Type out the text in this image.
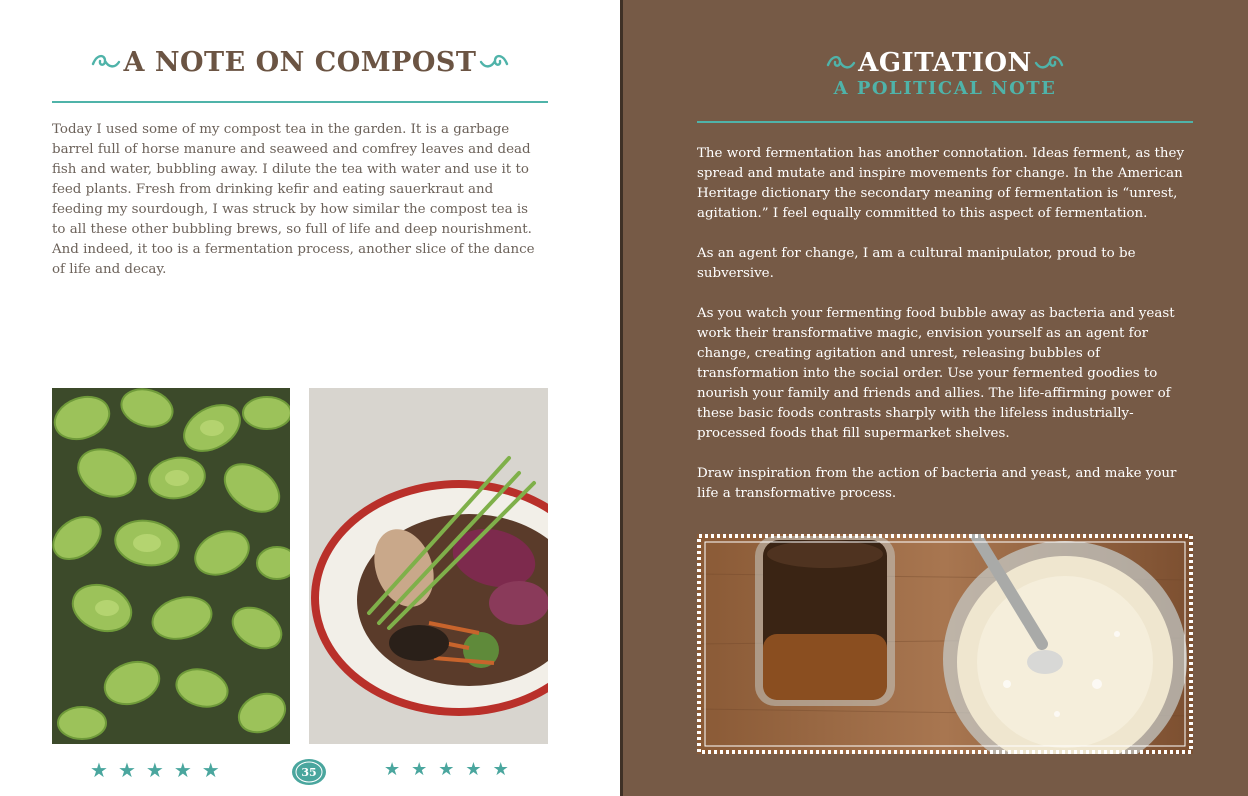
A NOTE ON COMPOST
Today I used some of my compost tea in the garden. It is a garbage barrel full of horse manure and seaweed and comfrey leaves and dead fish and water, bubbling away. I dilute the tea with water and use it to feed plants. Fresh from drinking kefir and eating sauerkraut and feeding my sourdough, I was struck by how similar the compost tea is to all these other bubbling brews, so full of life and deep nourishment. And indeed, it too is a fermentation process, another slice of the dance of life and decay.
★ ★ ★ ★ ★	35	★ ★ ★ ★ ★
AGITATION
A POLITICAL NOTE

The word fermentation has another connotation. Ideas ferment, as they spread and mutate and inspire movements for change. In the American Heritage dictionary the secondary meaning of fermentation is “unrest, agitation.” I feel equally committed to this aspect of fermentation.

As an agent for change, I am a cultural manipulator, proud to be subversive.

As you watch your fermenting food bubble away as bacteria and yeast work their transformative magic, envision yourself as an agent for change, creating agitation and unrest, releasing bubbles of transformation into the social order. Use your fermented goodies to nourish your family and friends and allies. The life-affirming power of these basic foods contrasts sharply with the lifeless industrially-processed foods that fill supermarket shelves.

Draw inspiration from the action of bacteria and yeast, and make your life a transformative process.
